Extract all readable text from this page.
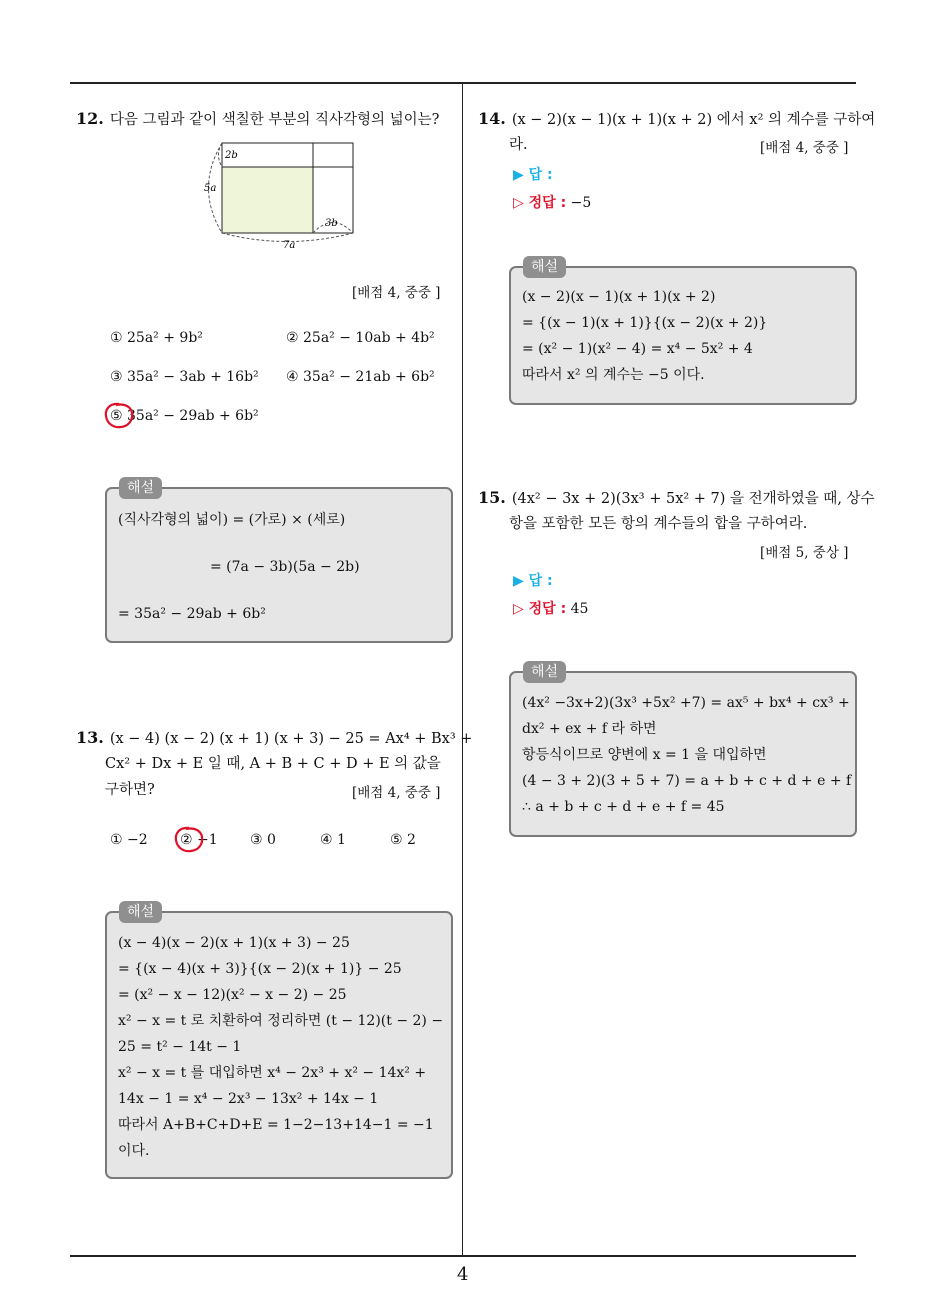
12. 다음 그림과 같이 색칠한 부분의 직사각형의 넓이는?
2b
5a
3b
7a
[배점 4, 중중 ]
① 25a² + 9b²	② 25a² − 10ab + 4b²
③ 35a² − 3ab + 16b² ④ 35a² − 21ab + 6b²
⑤ 35a² − 29ab + 6b²
해설
(직사각형의 넓이) = (가로) × (세로)
= (7a − 3b)(5a − 2b)
= 35a² − 29ab + 6b²
13. (x − 4) (x − 2) (x + 1) (x + 3) − 25 = Ax⁴ + Bx³ +
Cx² + Dx + E 일 때, A + B + C + D + E 의 값을
구하면?	[배점 4, 중중 ]
① −2 ② −1 ③ 0	④ 1	⑤ 2
해설
(x − 4)(x − 2)(x + 1)(x + 3) − 25
= {(x − 4)(x + 3)}{(x − 2)(x + 1)} − 25
= (x² − x − 12)(x² − x − 2) − 25
x² − x = t 로 치환하여 정리하면 (t − 12)(t − 2) −
25 = t² − 14t − 1
x² − x = t 를 대입하면 x⁴ − 2x³ + x² − 14x² +
14x − 1 = x⁴ − 2x³ − 13x² + 14x − 1
따라서 A+B+C+D+E = 1−2−13+14−1 = −1
이다.
14. (x − 2)(x − 1)(x + 1)(x + 2) 에서 x² 의 계수를 구하여
라.	[배점 4, 중중 ]
▶ 답 :
▷ 정답 : −5
해설
(x − 2)(x − 1)(x + 1)(x + 2)
= {(x − 1)(x + 1)}{(x − 2)(x + 2)}
= (x² − 1)(x² − 4) = x⁴ − 5x² + 4
따라서 x² 의 계수는 −5 이다.
15. (4x² − 3x + 2)(3x³ + 5x² + 7) 을 전개하였을 때, 상수
항을 포함한 모든 항의 계수들의 합을 구하여라.
[배점 5, 중상 ]
▶ 답 :
▷ 정답 : 45
해설
(4x² −3x+2)(3x³ +5x² +7) = ax⁵ + bx⁴ + cx³ +
dx² + ex + f 라 하면
항등식이므로 양변에 x = 1 을 대입하면
(4 − 3 + 2)(3 + 5 + 7) = a + b + c + d + e + f
∴ a + b + c + d + e + f = 45
4
